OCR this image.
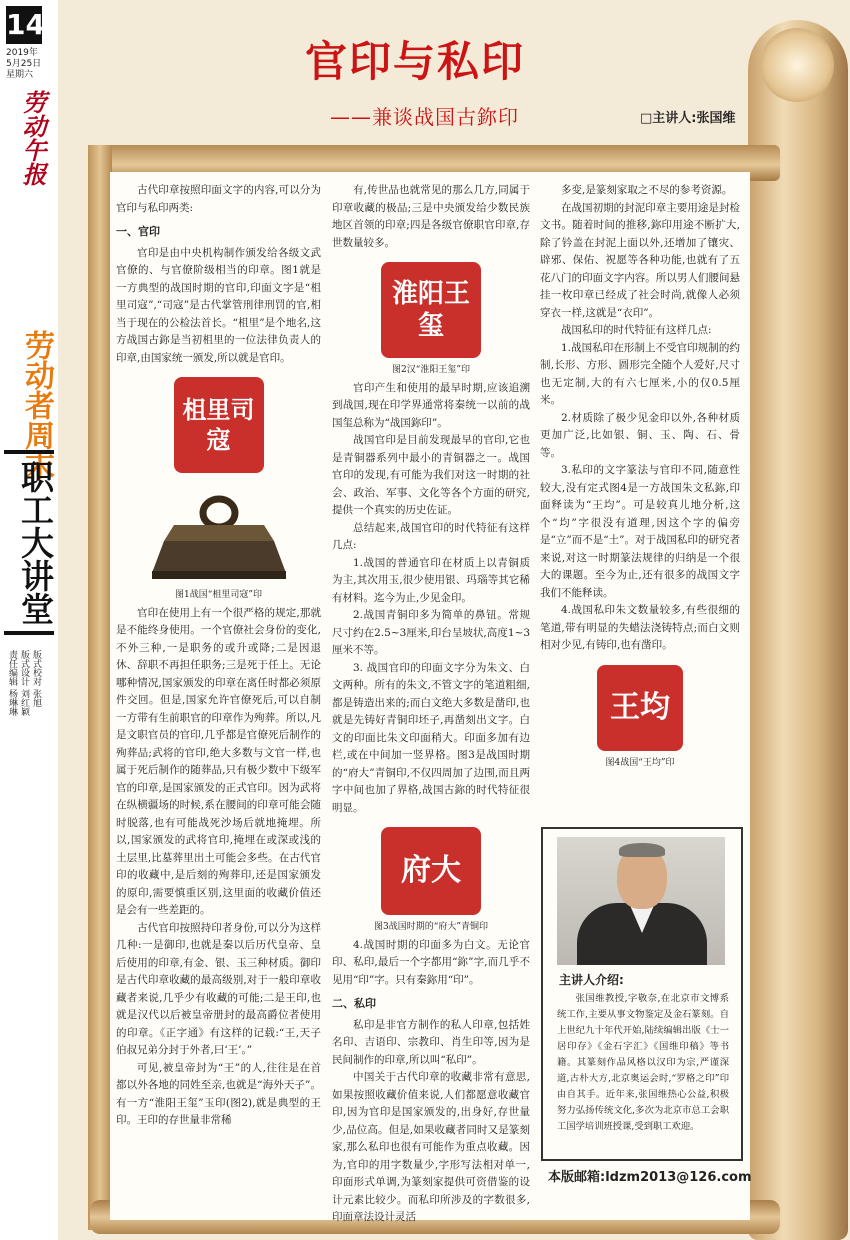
14
2019年
5月25日
星期六
劳动午报
劳动者周末
职工大讲堂
版式校对 张旭
版式设计 刘红颖
责任编辑 杨琳琳
官印与私印
——兼谈战国古鉨印	□主讲人:张国维

古代印章按照印面文字的内容,可以分为官印与私印两类:

一、官印

官印是由中央机构制作颁发给各级文武官僚的、与官僚阶级相当的印章。图1就是一方典型的战国时期的官印,印面文字是“柤里司寇”,“司寇”是古代掌管刑律刑罚的官,相当于现在的公检法首长。“柤里”是个地名,这方战国古鉨是当初柤里的一位法律负责人的印章,由国家统一颁发,所以就是官印。

柤里司寇

图1战国“柤里司寇”印

官印在使用上有一个很严格的规定,那就是不能终身使用。一个官僚社会身份的变化,不外三种,一是职务的或升或降;二是因退休、辞职不再担任职务;三是死于任上。无论哪种情况,国家颁发的印章在离任时都必须原件交回。但是,国家允许官僚死后,可以自制一方带有生前职官的印章作为殉葬。所以,凡是文职官员的官印,几乎都是官僚死后制作的殉葬品;武将的官印,绝大多数与文官一样,也属于死后制作的随葬品,只有极少数中下级军官的印章,是国家颁发的正式官印。因为武将在纵横疆场的时候,系在腰间的印章可能会随时脱落,也有可能战死沙场后就地掩埋。所以,国家颁发的武将官印,掩埋在或深或浅的土层里,比墓葬里出土可能会多些。在古代官印的收藏中,是后刻的殉葬印,还是国家颁发的原印,需要慎重区别,这里面的收藏价值还是会有一些差距的。

古代官印按照持印者身份,可以分为这样几种:一是御印,也就是秦以后历代皇帝、皇后使用的印章,有金、银、玉三种材质。御印是古代印章收藏的最高级别,对于一般印章收藏者来说,几乎少有收藏的可能;二是王印,也就是汉代以后被皇帝册封的最高爵位者使用的印章。《正字通》有这样的记载:“王,天子伯叔兄弟分封于外者,曰‘王’。”

可见,被皇帝封为“王”的人,往往是在首都以外各地的同姓至亲,也就是“海外天子”。有一方“淮阳王玺”玉印(图2),就是典型的王印。王印的存世量非常稀

有,传世品也就常见的那么几方,同属于印章收藏的极品;三是中央颁发给少数民族地区首领的印章;四是各级官僚职官印章,存世数量较多。

淮阳王玺

图2汉“淮阳王玺”印

官印产生和使用的最早时期,应该追溯到战国,现在印学界通常将秦统一以前的战国玺总称为“战国鉨印”。

战国官印是目前发现最早的官印,它也是青铜器系列中最小的青铜器之一。战国官印的发现,有可能为我们对这一时期的社会、政治、军事、文化等各个方面的研究,提供一个真实的历史佐证。

总结起来,战国官印的时代特征有这样几点:

1.战国的普通官印在材质上以青铜质为主,其次用玉,很少使用银、玛瑙等其它稀有材料。迄今为止,少见金印。

2.战国青铜印多为简单的鼻钮。常规尺寸约在2.5~3厘米,印台呈坡状,高度1~3厘米不等。

3. 战国官印的印面文字分为朱文、白文两种。所有的朱文,不管文字的笔道粗细,都是铸造出来的;而白文绝大多数是凿印,也就是先铸好青铜印坯子,再凿刻出文字。白文的印面比朱文印面稍大。印面多加有边栏,或在中间加一竖界格。图3是战国时期的“府大”青铜印,不仅四周加了边围,而且两字中间也加了界格,战国古鉨的时代特征很明显。

府大

图3战国时期的“府大”青铜印

4.战国时期的印面多为白文。无论官印、私印,最后一个字都用“鉨”字,而几乎不见用“印”字。只有秦鉨用“印”。

二、私印

私印是非官方制作的私人印章,包括姓名印、吉语印、宗教印、肖生印等,因为是民间制作的印章,所以叫“私印”。

中国关于古代印章的收藏非常有意思,如果按照收藏价值来说,人们都愿意收藏官印,因为官印是国家颁发的,出身好,存世量少,品位高。但是,如果收藏者同时又是篆刻家,那么私印也很有可能作为重点收藏。因为,官印的用字数量少,字形写法相对单一,印面形式单调,为篆刻家提供可资借鉴的设计元素比较少。而私印所涉及的字数很多,印面章法设计灵活

多变,是篆刻家取之不尽的参考资源。

在战国初期的封泥印章主要用途是封检文书。随着时间的推移,鉨印用途不断扩大,除了钤盖在封泥上面以外,还增加了镶灾、辟邪、保佑、祝愿等各种功能,也就有了五花八门的印面文字内容。所以男人们腰间悬挂一枚印章已经成了社会时尚,就像人必须穿衣一样,这就是“衣印”。

战国私印的时代特征有这样几点:

1.战国私印在形制上不受官印规制的约制,长形、方形、圆形完全随个人爱好,尺寸也无定制,大的有六七厘米,小的仅0.5厘米。

2.材质除了极少见金印以外,各种材质更加广泛,比如银、铜、玉、陶、石、骨等。

3.私印的文字篆法与官印不同,随意性较大,没有定式图4是一方战国朱文私鉨,印面释读为“王均”。可是较真儿地分析,这个“均”字很没有道理,因这个字的偏旁是“立”而不是“土”。对于战国私印的研究者来说,对这一时期篆法规律的归纳是一个很大的课题。至今为止,还有很多的战国文字我们不能释读。

4.战国私印朱文数量较多,有些很细的笔道,带有明显的失蜡法浇铸特点;而白文则相对少见,有铸印,也有凿印。

王均

图4战国“王均”印

主讲人介绍:
张国维教授,字敬奈,在北京市文博系统工作,主要从事文物鉴定及金石篆刻。自上世纪九十年代开始,陆续编辑出版《士一居印存》《金石字汇》《国维印稿》等书籍。其篆刻作品风格以汉印为宗,严谨深道,古朴大方,北京奥运会时,“罗格之印”印由自其手。近年来,张国维热心公益,积极努力弘扬传统文化,多次为北京市总工会职工国学培训班授课,受到职工欢迎。
本版邮箱:ldzm2013@126.com
